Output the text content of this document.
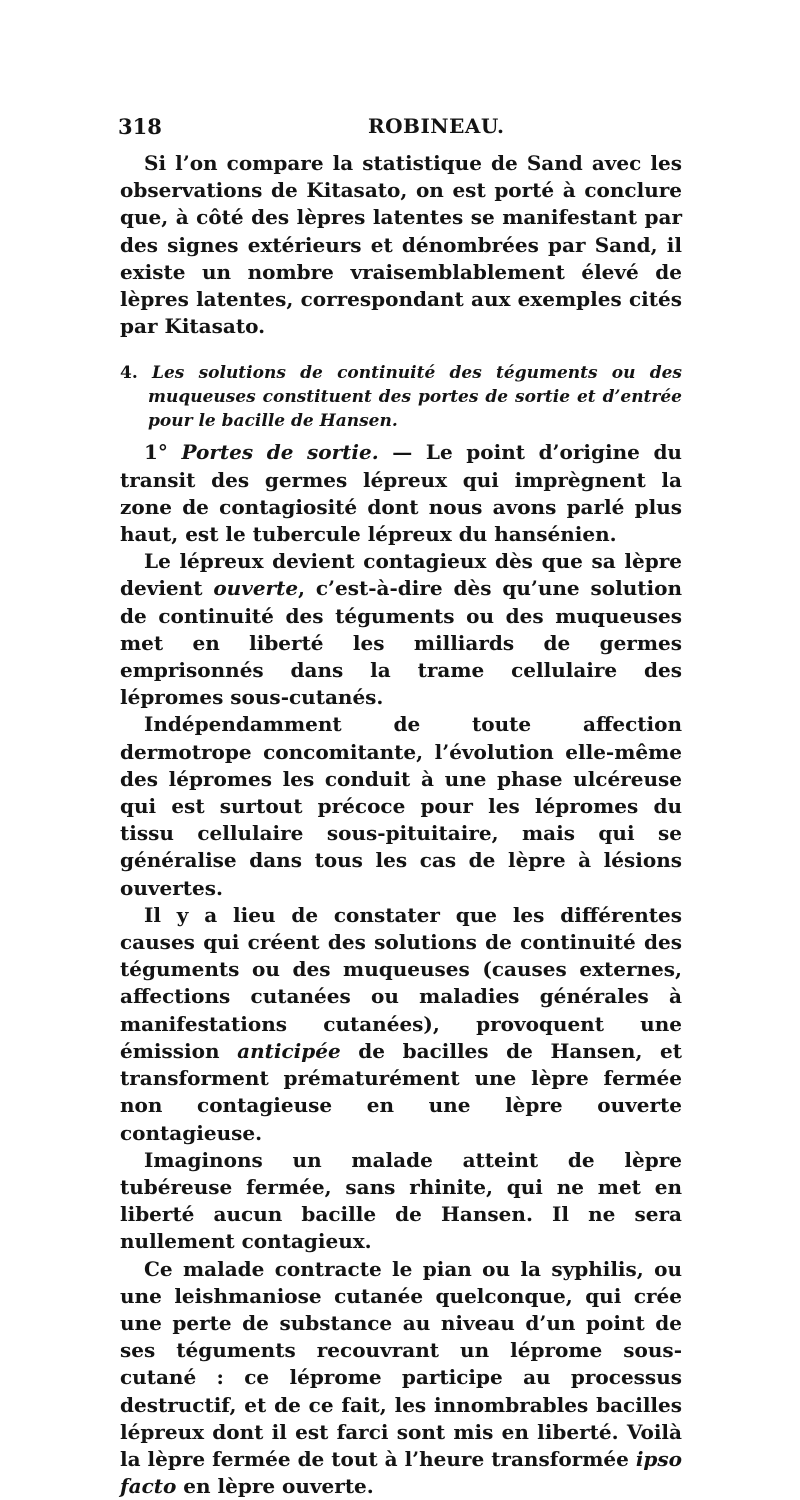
318	ROBINEAU.

Si l’on compare la statistique de Sand avec les observations de Kitasato, on est porté à conclure que, à côté des lèpres latentes se manifestant par des signes extérieurs et dénombrées par Sand, il existe un nombre vraisemblablement élevé de lèpres latentes, correspondant aux exemples cités par Kitasato.

4. Les solutions de continuité des téguments ou des muqueuses constituent des portes de sortie et d’entrée pour le bacille de Hansen.

1° Portes de sortie. — Le point d’origine du transit des germes lépreux qui imprègnent la zone de contagiosité dont nous avons parlé plus haut, est le tubercule lépreux du hansénien.

Le lépreux devient contagieux dès que sa lèpre devient ouverte, c’est-à-dire dès qu’une solution de continuité des téguments ou des muqueuses met en liberté les milliards de germes emprisonnés dans la trame cellulaire des lépromes sous-cutanés.

Indépendamment de toute affection dermotrope concomitante, l’évolution elle-même des lépromes les conduit à une phase ulcéreuse qui est surtout précoce pour les lépromes du tissu cellulaire sous-pituitaire, mais qui se généralise dans tous les cas de lèpre à lésions ouvertes.

Il y a lieu de constater que les différentes causes qui créent des solutions de continuité des téguments ou des muqueuses (causes externes, affections cutanées ou maladies générales à manifestations cutanées), provoquent une émission anticipée de bacilles de Hansen, et transforment prématurément une lèpre fermée non contagieuse en une lèpre ouverte contagieuse.

Imaginons un malade atteint de lèpre tubéreuse fermée, sans rhinite, qui ne met en liberté aucun bacille de Hansen. Il ne sera nullement contagieux.

Ce malade contracte le pian ou la syphilis, ou une leishmaniose cutanée quelconque, qui crée une perte de substance au niveau d’un point de ses téguments recouvrant un léprome sous-cutané : ce léprome participe au processus destructif, et de ce fait, les innombrables bacilles lépreux dont il est farci sont mis en liberté. Voilà la lèpre fermée de tout à l’heure transformée ipso facto en lèpre ouverte.
